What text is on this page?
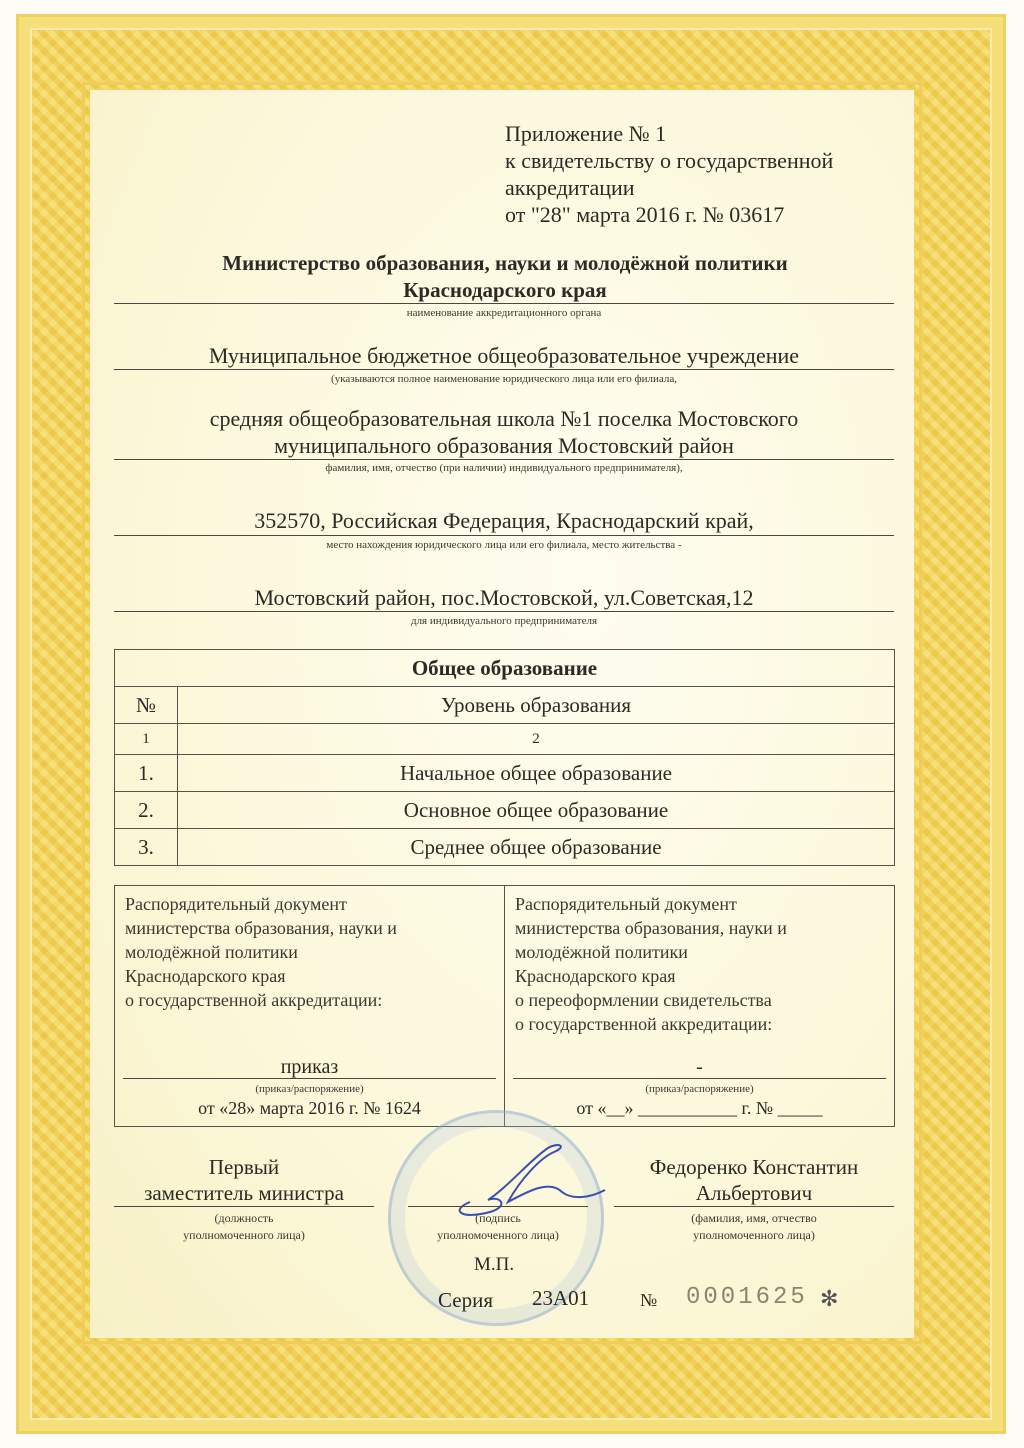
Приложение № 1
к свидетельству о государственной
аккредитации
от "28" марта 2016 г. № 03617
Министерство образования, науки и молодёжной политики
Краснодарского края
наименование аккредитационного органа
Муниципальное бюджетное общеобразовательное учреждение
(указываются полное наименование юридического лица или его филиала,
средняя общеобразовательная школа №1 поселка Мостовского
муниципального образования Мостовский район
фамилия, имя, отчество (при наличии) индивидуального предпринимателя),
352570, Российская Федерация, Краснодарский край,
место нахождения юридического лица или его филиала, место жительства -
Мостовский район, пос.Мостовской, ул.Советская,12
для индивидуального предпринимателя
Общее образование	
№	Уровень образования
1	2
1.	Начальное общее образование
2.	Основное общее образование
3.	Среднее общее образование
Распорядительный документ
министерства образования, науки и
молодёжной политики
Краснодарского края
о государственной аккредитации:
приказ
(приказ/распоряжение)
от «28» марта 2016 г. № 1624
Распорядительный документ
министерства образования, науки и
молодёжной политики
Краснодарского края
о переоформлении свидетельства
о государственной аккредитации:
-
(приказ/распоряжение)
от «__» ___________ г. № _____
Первый
заместитель министра
(должность
уполномоченного лица)
(подпись
уполномоченного лица)
Федоренко Константин
Альбертович
(фамилия, имя, отчество
уполномоченного лица)
М.П.
Серия 23А01	№ 0001625 ✻
